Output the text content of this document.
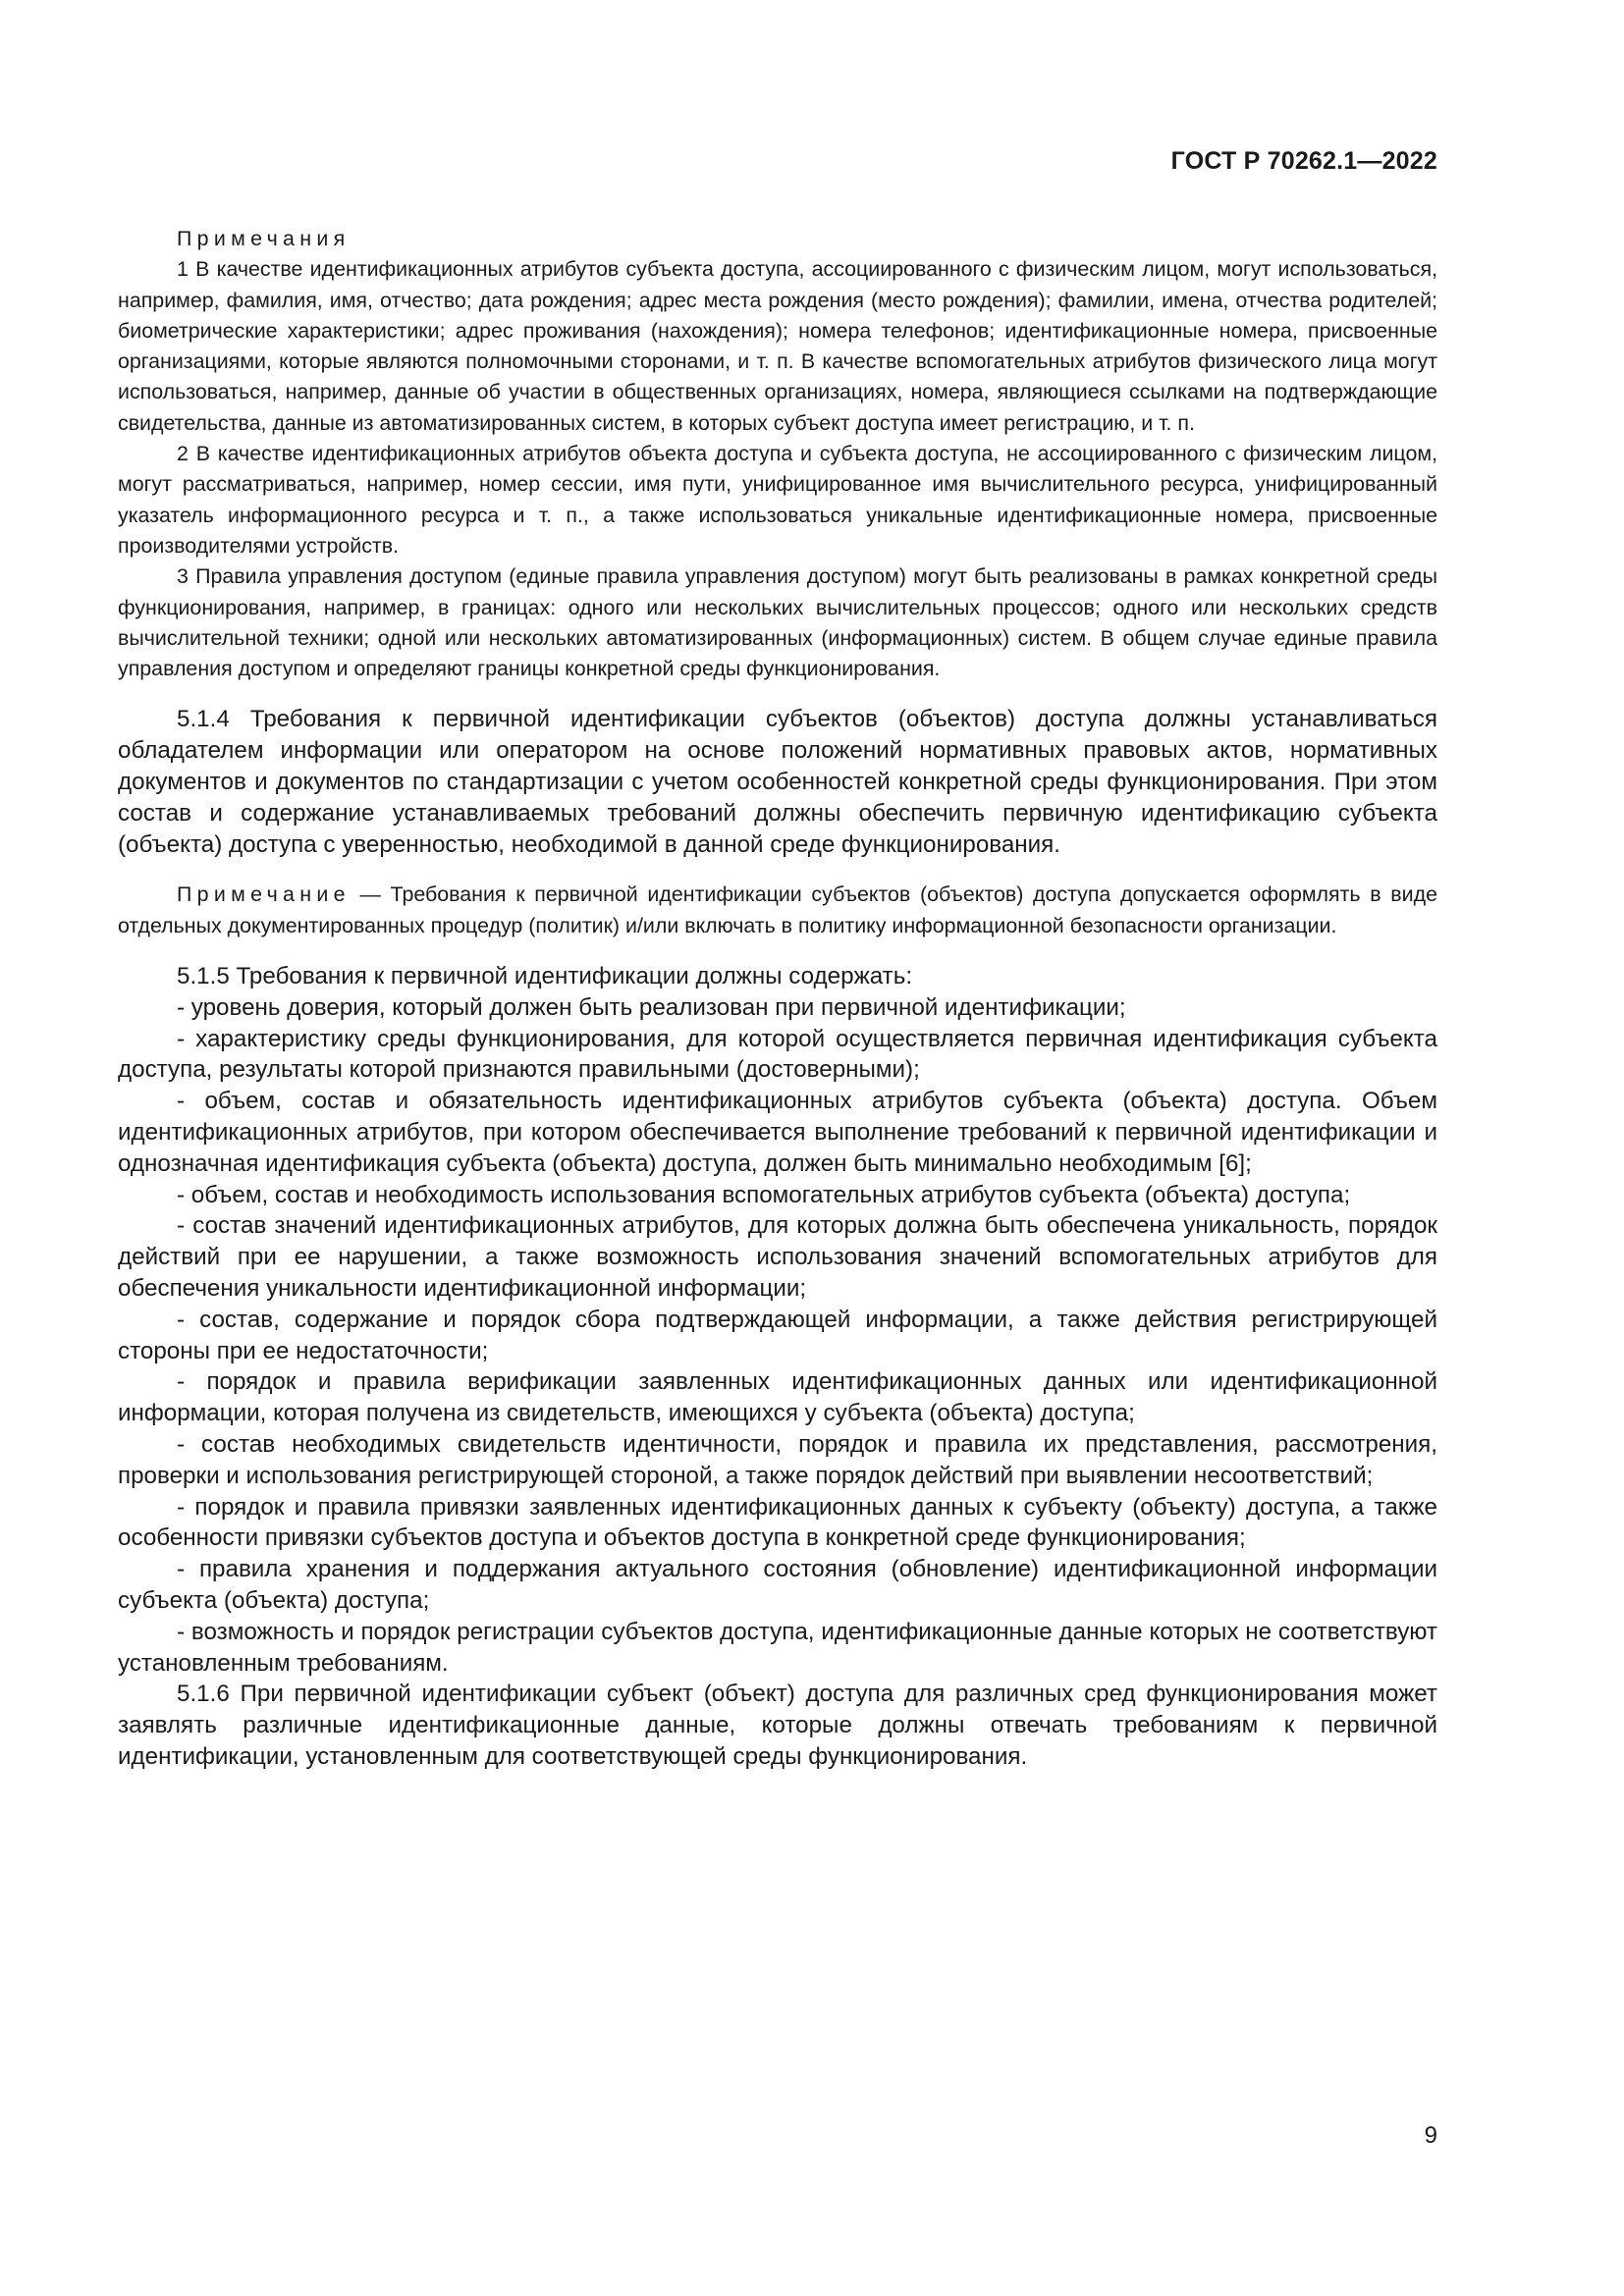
ГОСТ Р 70262.1—2022

Примечания

1 В качестве идентификационных атрибутов субъекта доступа, ассоциированного с физическим лицом, могут использоваться, например, фамилия, имя, отчество; дата рождения; адрес места рождения (место рождения); фамилии, имена, отчества родителей; биометрические характеристики; адрес проживания (нахождения); номера телефонов; идентификационные номера, присвоенные организациями, которые являются полномочными сторонами, и т. п. В качестве вспомогательных атрибутов физического лица могут использоваться, например, данные об участии в общественных организациях, номера, являющиеся ссылками на подтверждающие свидетельства, данные из автоматизированных систем, в которых субъект доступа имеет регистрацию, и т. п.

2 В качестве идентификационных атрибутов объекта доступа и субъекта доступа, не ассоциированного с физическим лицом, могут рассматриваться, например, номер сессии, имя пути, унифицированное имя вычислительного ресурса, унифицированный указатель информационного ресурса и т. п., а также использоваться уникальные идентификационные номера, присвоенные производителями устройств.

3 Правила управления доступом (единые правила управления доступом) могут быть реализованы в рамках конкретной среды функционирования, например, в границах: одного или нескольких вычислительных процессов; одного или нескольких средств вычислительной техники; одной или нескольких автоматизированных (информационных) систем. В общем случае единые правила управления доступом и определяют границы конкретной среды функционирования.

5.1.4 Требования к первичной идентификации субъектов (объектов) доступа должны устанавливаться обладателем информации или оператором на основе положений нормативных правовых актов, нормативных документов и документов по стандартизации с учетом особенностей конкретной среды функционирования. При этом состав и содержание устанавливаемых требований должны обеспечить первичную идентификацию субъекта (объекта) доступа с уверенностью, необходимой в данной среде функционирования.

Примечание — Требования к первичной идентификации субъектов (объектов) доступа допускается оформлять в виде отдельных документированных процедур (политик) и/или включать в политику информационной безопасности организации.

5.1.5 Требования к первичной идентификации должны содержать:

- уровень доверия, который должен быть реализован при первичной идентификации;

- характеристику среды функционирования, для которой осуществляется первичная идентификация субъекта доступа, результаты которой признаются правильными (достоверными);

- объем, состав и обязательность идентификационных атрибутов субъекта (объекта) доступа. Объем идентификационных атрибутов, при котором обеспечивается выполнение требований к первичной идентификации и однозначная идентификация субъекта (объекта) доступа, должен быть минимально необходимым [6];

- объем, состав и необходимость использования вспомогательных атрибутов субъекта (объекта) доступа;

- состав значений идентификационных атрибутов, для которых должна быть обеспечена уникальность, порядок действий при ее нарушении, а также возможность использования значений вспомогательных атрибутов для обеспечения уникальности идентификационной информации;

- состав, содержание и порядок сбора подтверждающей информации, а также действия регистрирующей стороны при ее недостаточности;

- порядок и правила верификации заявленных идентификационных данных или идентификационной информации, которая получена из свидетельств, имеющихся у субъекта (объекта) доступа;

- состав необходимых свидетельств идентичности, порядок и правила их представления, рассмотрения, проверки и использования регистрирующей стороной, а также порядок действий при выявлении несоответствий;

- порядок и правила привязки заявленных идентификационных данных к субъекту (объекту) доступа, а также особенности привязки субъектов доступа и объектов доступа в конкретной среде функционирования;

- правила хранения и поддержания актуального состояния (обновление) идентификационной информации субъекта (объекта) доступа;

- возможность и порядок регистрации субъектов доступа, идентификационные данные которых не соответствуют установленным требованиям.

5.1.6 При первичной идентификации субъект (объект) доступа для различных сред функционирования может заявлять различные идентификационные данные, которые должны отвечать требованиям к первичной идентификации, установленным для соответствующей среды функционирования.

9
